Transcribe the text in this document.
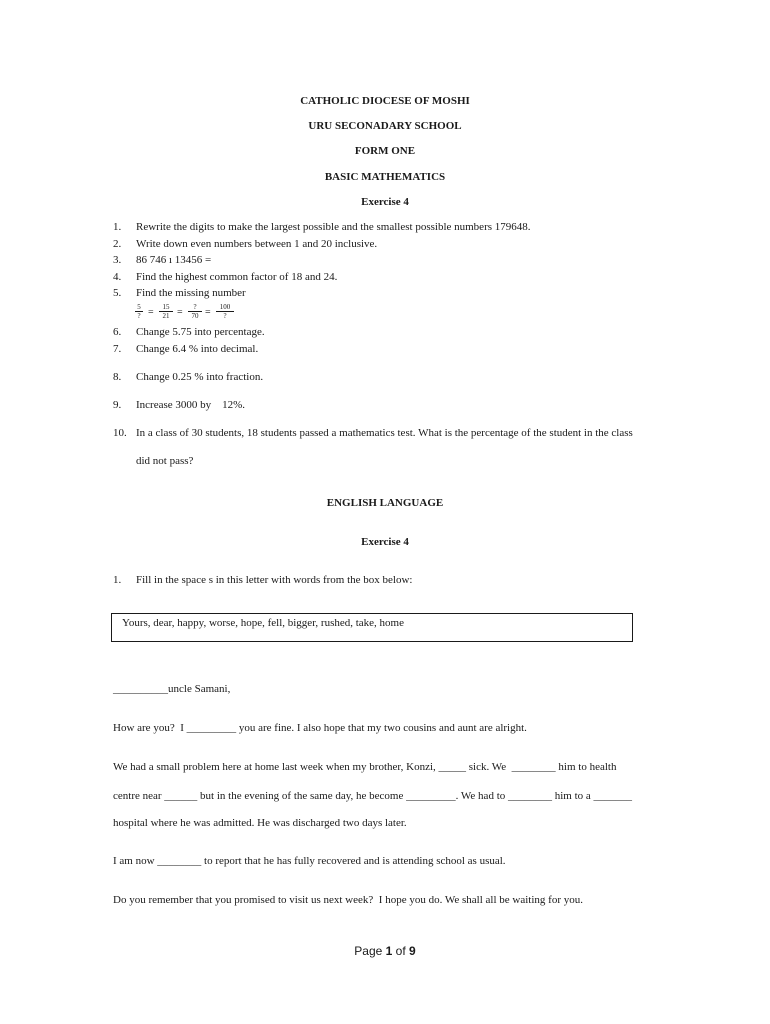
CATHOLIC DIOCESE OF MOSHI
URU SECONADARY SCHOOL
FORM ONE
BASIC MATHEMATICS
Exercise 4
1. Rewrite the digits to make the largest possible and the smallest possible numbers 179648.
2. Write down even numbers between 1 and 20 inclusive.
3. 86 746 ı 13456 =
4. Find the highest common factor of 18 and 24.
5. Find the missing number
5
? = $\frac{15}{21}$ =	?
70 =	100
?
6. Change 5.75 into percentage.
7. Change 6.4 % into decimal.
8. Change 0.25 % into fraction.
9. Increase 3000 by    12%.
10. In a class of 30 students, 18 students passed a mathematics test. What is the percentage of the student in the class
did not pass?
ENGLISH LANGUAGE
Exercise 4
1. Fill in the space s in this letter with words from the box below:
Yours, dear, happy, worse, hope, fell, bigger, rushed, take, home
__________uncle Samani,
How are you?  I _________ you are fine. I also hope that my two cousins and aunt are alright.
We had a small problem here at home last week when my brother, Konzi, _____ sick. We  ________ him to health
centre near ______ but in the evening of the same day, he become _________. We had to ________ him to a _______
hospital where he was admitted. He was discharged two days later.
I am now ________ to report that he has fully recovered and is attending school as usual.
Do you remember that you promised to visit us next week?  I hope you do. We shall all be waiting for you.
Page 1 of 9
